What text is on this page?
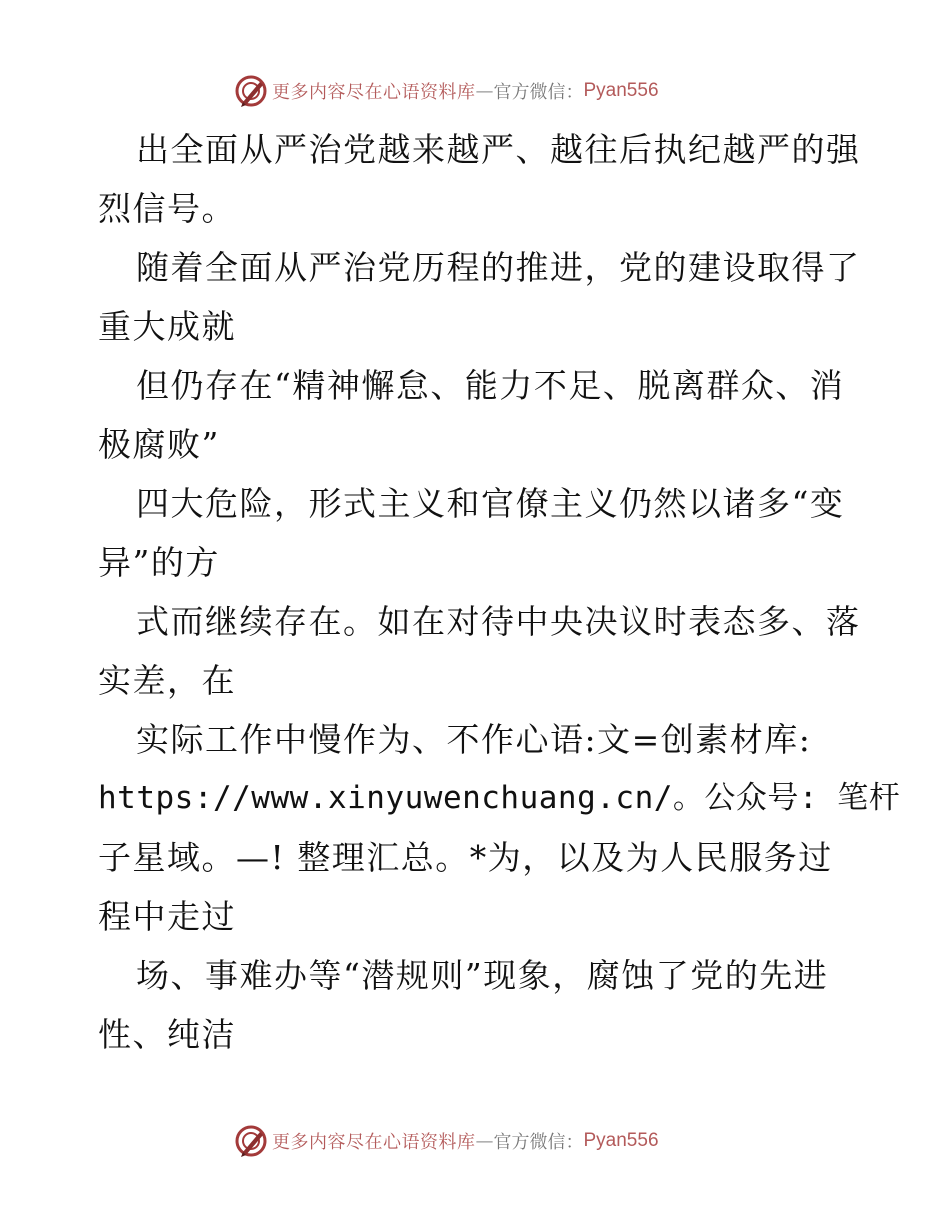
更多内容尽在心语资料库 — 官方微信： Pyan556
出全面从严治党越来越严、越往后执纪越严的强
烈信号。
随着全面从严治党历程的推进，党的建设取得了
重大成就
但仍存在“精神懈怠、能力不足、脱离群众、消
极腐败”
四大危险，形式主义和官僚主义仍然以诸多“变
异”的方
式而继续存在。如在对待中央决议时表态多、落
实差，在
实际工作中慢作为、不作心语:文=创素材库:
https://www.xinyuwenchuang.cn/。公众号: 笔杆
子星域。—! 整理汇总。*为，以及为人民服务过
程中走过
场、事难办等“潜规则”现象，腐蚀了党的先进
性、纯洁
更多内容尽在心语资料库 — 官方微信： Pyan556
